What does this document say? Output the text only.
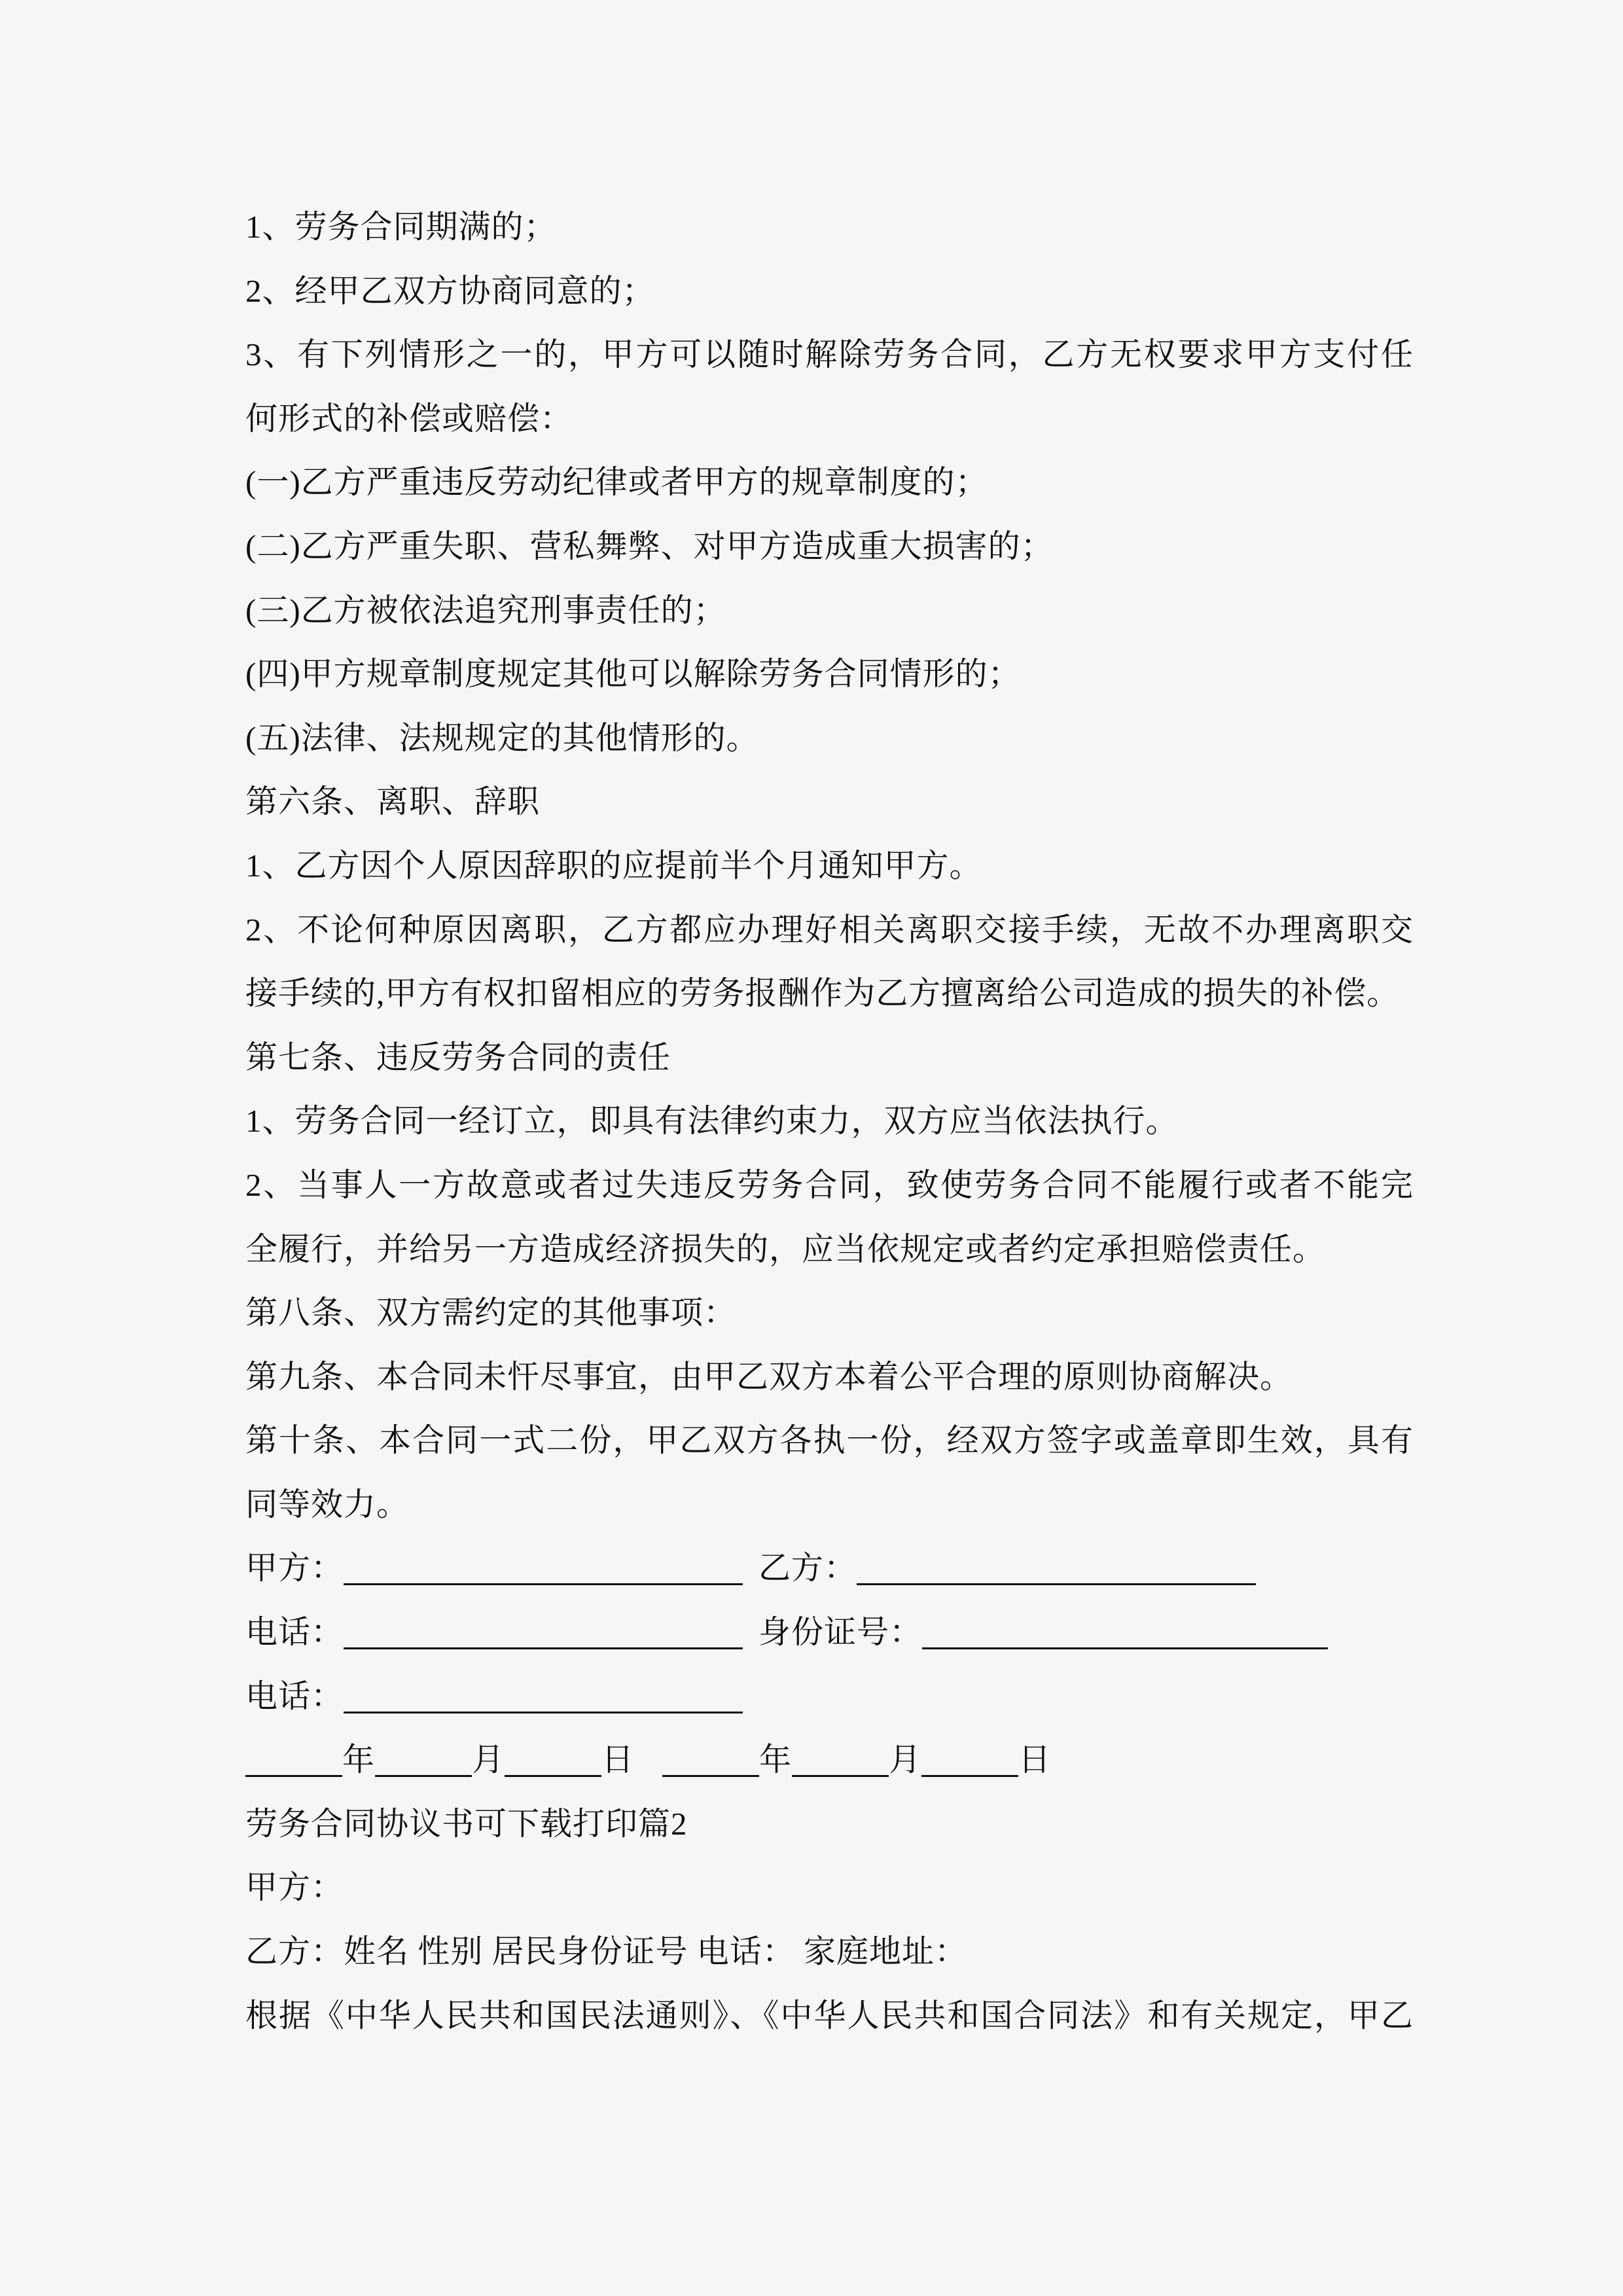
1、劳务合同期满的；
2、经甲乙双方协商同意的；
3、有下列情形之一的，甲方可以随时解除劳务合同，乙方无权要求甲方支付任
何形式的补偿或赔偿：
(一)乙方严重违反劳动纪律或者甲方的规章制度的；
(二)乙方严重失职、营私舞弊、对甲方造成重大损害的；
(三)乙方被依法追究刑事责任的；
(四)甲方规章制度规定其他可以解除劳务合同情形的；
(五)法律、法规规定的其他情形的。
第六条、离职、辞职
1、乙方因个人原因辞职的应提前半个月通知甲方。
2、不论何种原因离职，乙方都应办理好相关离职交接手续，无故不办理离职交
接手续的,甲方有权扣留相应的劳务报酬作为乙方擅离给公司造成的损失的补偿。
第七条、违反劳务合同的责任
1、劳务合同一经订立，即具有法律约束力，双方应当依法执行。
2、当事人一方故意或者过失违反劳务合同，致使劳务合同不能履行或者不能完
全履行，并给另一方造成经济损失的，应当依规定或者约定承担赔偿责任。
第八条、双方需约定的其他事项：
第九条、本合同未忓尽事宜，由甲乙双方本着公平合理的原则协商解决。
第十条、本合同一式二份，甲乙双方各执一份，经双方签字或盖章即生效，具有
同等效力。
甲方：	乙方：
电话：	身份证号：
电话：
年	月	日	年	月	日
劳务合同协议书可下载打印篇2
甲方：
乙方：姓名 性别 居民身份证号 电话： 家庭地址：
根据《中华人民共和国民法通则》、《中华人民共和国合同法》和有关规定，甲乙
